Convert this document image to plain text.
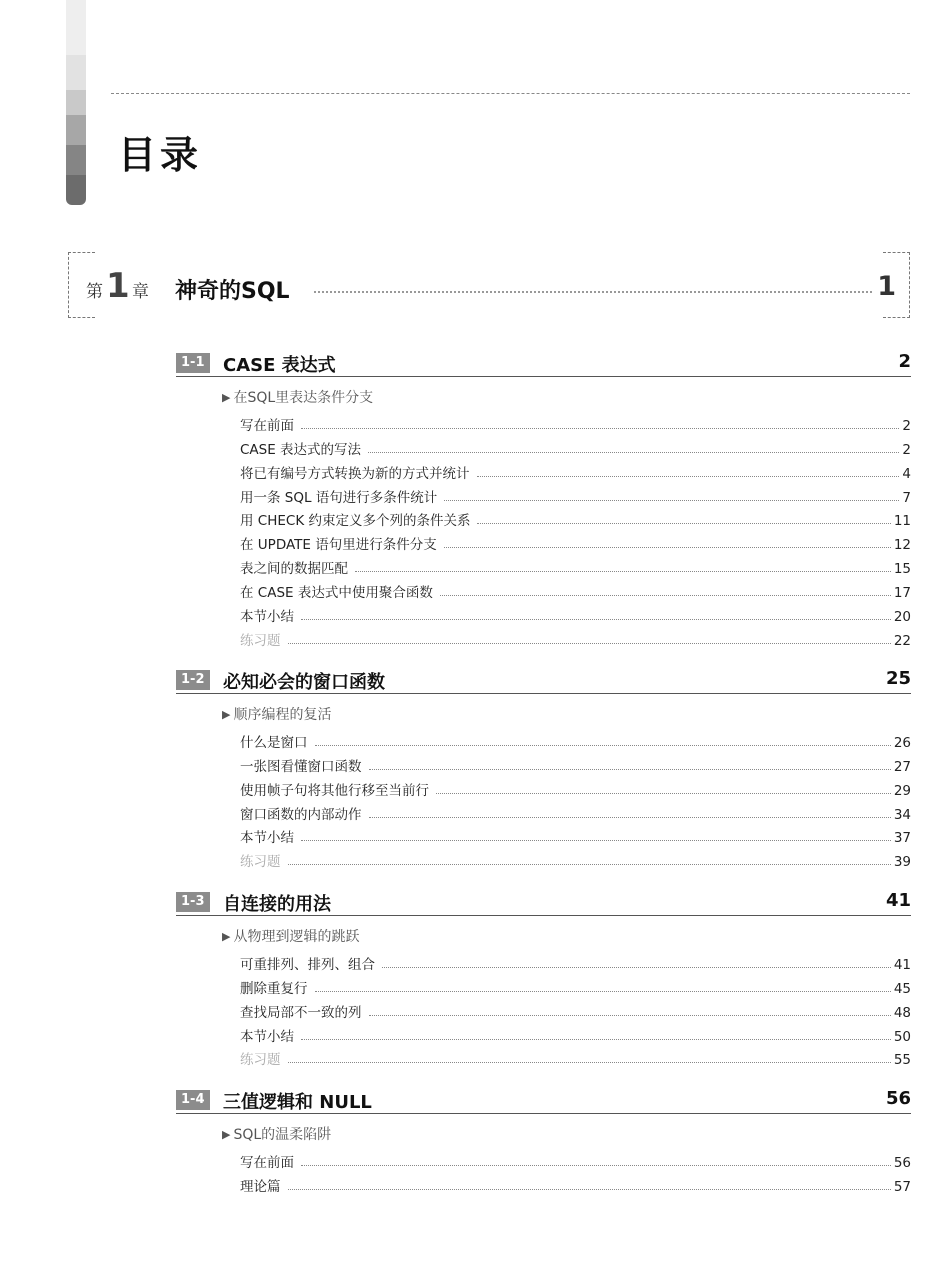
目录
第 1 章 神奇的SQL	1
1-1 CASE 表达式	2
▶ 在SQL里表达条件分支
写在前面	2
CASE 表达式的写法	2
将已有编号方式转换为新的方式并统计	4
用一条 SQL 语句进行多条件统计	7
用 CHECK 约束定义多个列的条件关系	11
在 UPDATE 语句里进行条件分支	12
表之间的数据匹配	15
在 CASE 表达式中使用聚合函数	17
本节小结	20
练习题	22
1-2 必知必会的窗口函数	25
▶ 顺序编程的复活
什么是窗口	26
一张图看懂窗口函数	27
使用帧子句将其他行移至当前行	29
窗口函数的内部动作	34
本节小结	37
练习题	39
1-3 自连接的用法	41
▶ 从物理到逻辑的跳跃
可重排列、排列、组合	41
删除重复行	45
查找局部不一致的列	48
本节小结	50
练习题	55
1-4 三值逻辑和 NULL	56
▶ SQL的温柔陷阱
写在前面	56
理论篇	57
